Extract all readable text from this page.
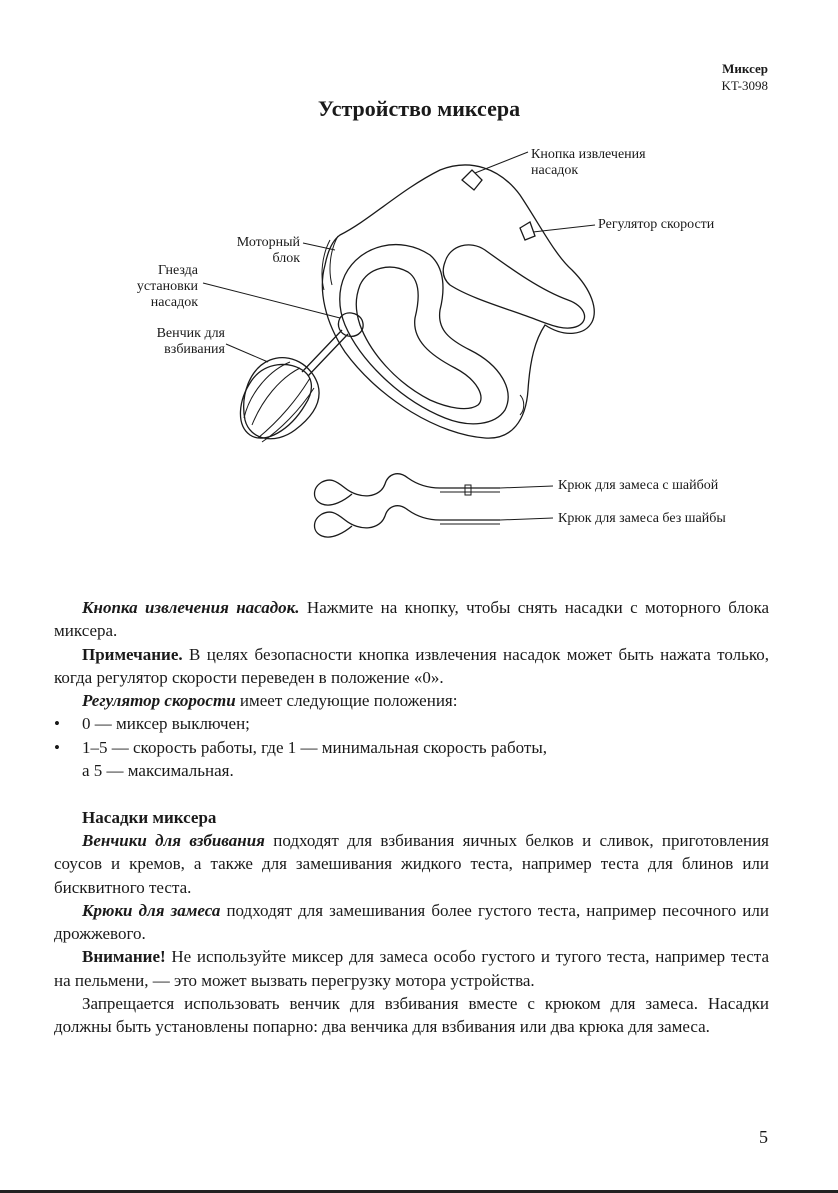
Миксер
KT-3098
Устройство миксера
Кнопка извлечения насадок
Регулятор скорости
Моторный блок
Гнезда установки насадок
Венчик для взбивания
Крюк для замеса с шайбой
Крюк для замеса без шайбы

Кнопка извлечения насадок. Нажмите на кнопку, чтобы снять насадки с моторного блока миксера.

Примечание. В целях безопасности кнопка извлечения насадок может быть нажата только, когда регулятор скорости переведен в положение «0».

Регулятор скорости имеет следующие положения:

• 0 — миксер выключен;

• 1–5 — скорость работы, где 1 — минимальная скорость работы,

а 5 — максимальная.

Насадки миксера

Венчики для взбивания подходят для взбивания яичных белков и сливок, приготовления соусов и кремов, а также для замешивания жидкого теста, например теста для блинов или бисквитного теста.

Крюки для замеса подходят для замешивания более густого теста, например песочного или дрожжевого.

Внимание! Не используйте миксер для замеса особо густого и тугого теста, например теста на пельмени, — это может вызвать перегрузку мотора устройства.

Запрещается использовать венчик для взбивания вместе с крюком для замеса. Насадки должны быть установлены попарно: два венчика для взбивания или два крюка для замеса.

5
